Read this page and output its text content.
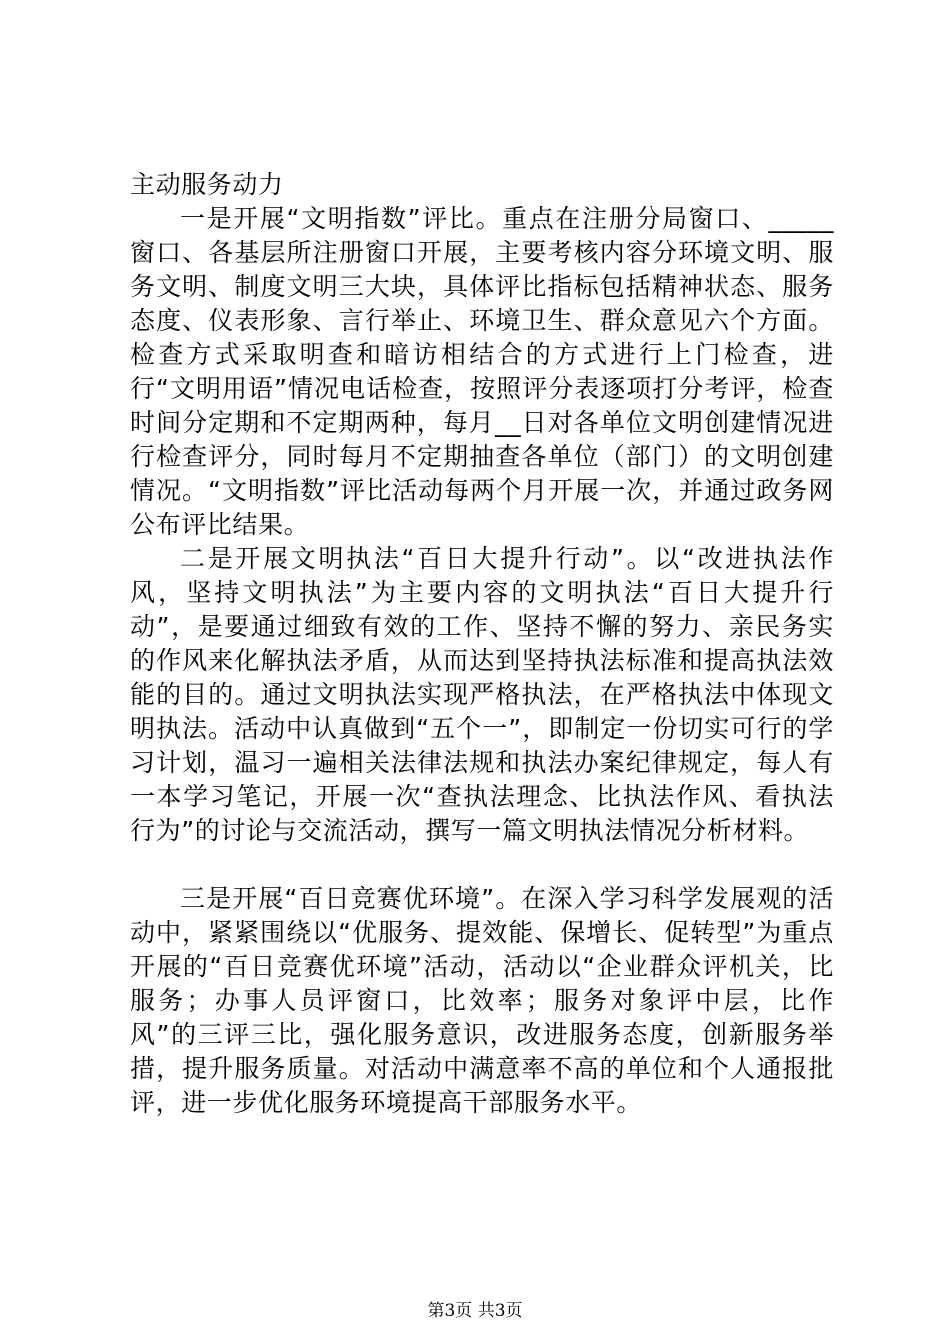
主动服务动力

一是开展“文明指数”评比。重点在注册分局窗口、_____窗口、各基层所注册窗口开展，主要考核内容分环境文明、服务文明、制度文明三大块，具体评比指标包括精神状态、服务态度、仪表形象、言行举止、环境卫生、群众意见六个方面。检查方式采取明查和暗访相结合的方式进行上门检查，进行“文明用语”情况电话检查，按照评分表逐项打分考评，检查时间分定期和不定期两种，每月__日对各单位文明创建情况进行检查评分，同时每月不定期抽查各单位（部门）的文明创建情况。“文明指数”评比活动每两个月开展一次，并通过政务网公布评比结果。

二是开展文明执法“百日大提升行动”。以“改进执法作风，坚持文明执法”为主要内容的文明执法“百日大提升行动”，是要通过细致有效的工作、坚持不懈的努力、亲民务实的作风来化解执法矛盾，从而达到坚持执法标准和提高执法效能的目的。通过文明执法实现严格执法，在严格执法中体现文明执法。活动中认真做到“五个一”，即制定一份切实可行的学习计划，温习一遍相关法律法规和执法办案纪律规定，每人有一本学习笔记，开展一次“查执法理念、比执法作风、看执法行为”的讨论与交流活动，撰写一篇文明执法情况分析材料。

三是开展“百日竞赛优环境”。在深入学习科学发展观的活动中，紧紧围绕以“优服务、提效能、保增长、促转型”为重点开展的“百日竞赛优环境”活动，活动以“企业群众评机关，比服务；办事人员评窗口，比效率；服务对象评中层，比作风”的三评三比，强化服务意识，改进服务态度，创新服务举措，提升服务质量。对活动中满意率不高的单位和个人通报批评，进一步优化服务环境提高干部服务水平。

第3页 共3页
